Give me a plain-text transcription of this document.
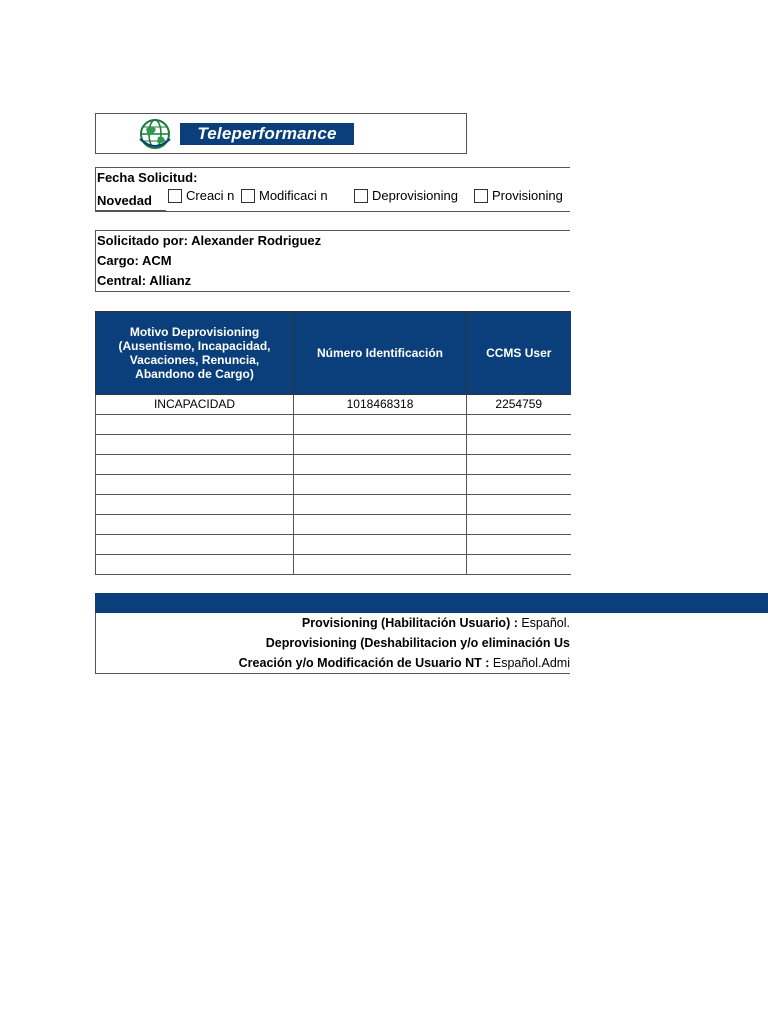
Teleperformance
Fecha Solicitud:
Novedad	Creaci n Modificaci n	Deprovisioning	Provisioning
Solicitado por: Alexander Rodriguez
Cargo: ACM
Central: Allianz
Motivo Deprovisioning (Ausentismo, Incapacidad, Vacaciones, Renuncia, Abandono de Cargo)	Número Identificación	CCMS User
INCAPACIDAD	1018468318	2254759

Provisioning (Habilitación Usuario) : Español.
Deprovisioning (Deshabilitacion y/o eliminación Us
Creación y/o Modificación de Usuario NT : Español.Admi
